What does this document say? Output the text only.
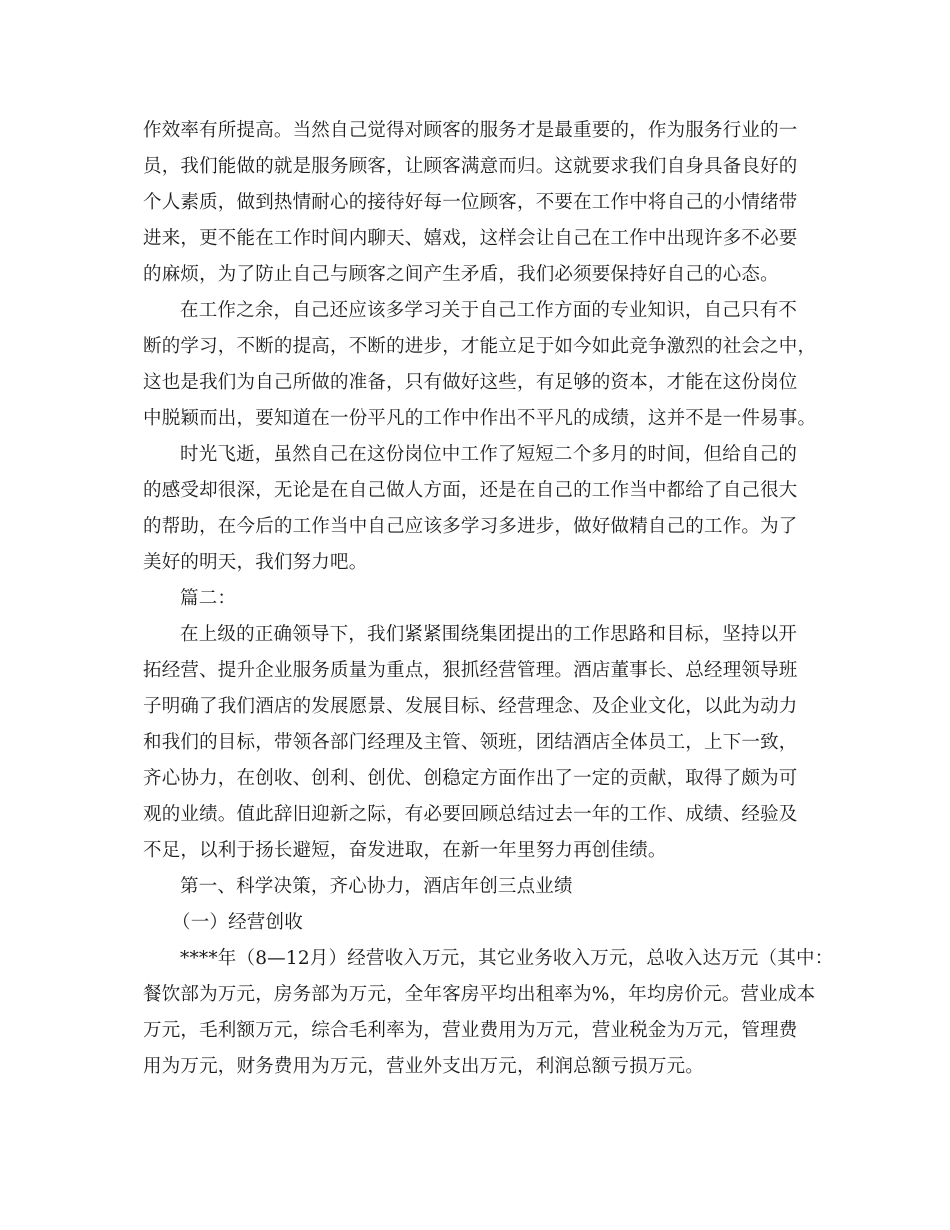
作效率有所提高。当然自己觉得对顾客的服务才是最重要的，作为服务行业的一
员，我们能做的就是服务顾客，让顾客满意而归。这就要求我们自身具备良好的
个人素质，做到热情耐心的接待好每一位顾客，不要在工作中将自己的小情绪带
进来，更不能在工作时间内聊天、嬉戏，这样会让自己在工作中出现许多不必要
的麻烦，为了防止自己与顾客之间产生矛盾，我们必须要保持好自己的心态。
在工作之余，自己还应该多学习关于自己工作方面的专业知识，自己只有不
断的学习，不断的提高，不断的进步，才能立足于如今如此竞争激烈的社会之中，
这也是我们为自己所做的准备，只有做好这些，有足够的资本，才能在这份岗位
中脱颖而出，要知道在一份平凡的工作中作出不平凡的成绩，这并不是一件易事。
时光飞逝，虽然自己在这份岗位中工作了短短二个多月的时间，但给自己的
的感受却很深，无论是在自己做人方面，还是在自己的工作当中都给了自己很大
的帮助，在今后的工作当中自己应该多学习多进步，做好做精自己的工作。为了
美好的明天，我们努力吧。
篇二：
在上级的正确领导下，我们紧紧围绕集团提出的工作思路和目标，坚持以开
拓经营、提升企业服务质量为重点，狠抓经营管理。酒店董事长、总经理领导班
子明确了我们酒店的发展愿景、发展目标、经营理念、及企业文化，以此为动力
和我们的目标，带领各部门经理及主管、领班，团结酒店全体员工，上下一致，
齐心协力，在创收、创利、创优、创稳定方面作出了一定的贡献，取得了颇为可
观的业绩。值此辞旧迎新之际，有必要回顾总结过去一年的工作、成绩、经验及
不足，以利于扬长避短，奋发进取，在新一年里努力再创佳绩。
第一、科学决策，齐心协力，酒店年创三点业绩
（一）经营创收
****年（8—12月）经营收入万元，其它业务收入万元，总收入达万元（其中：
餐饮部为万元，房务部为万元，全年客房平均出租率为%，年均房价元。营业成本
万元，毛利额万元，综合毛利率为，营业费用为万元，营业税金为万元，管理费
用为万元，财务费用为万元，营业外支出万元，利润总额亏损万元。
